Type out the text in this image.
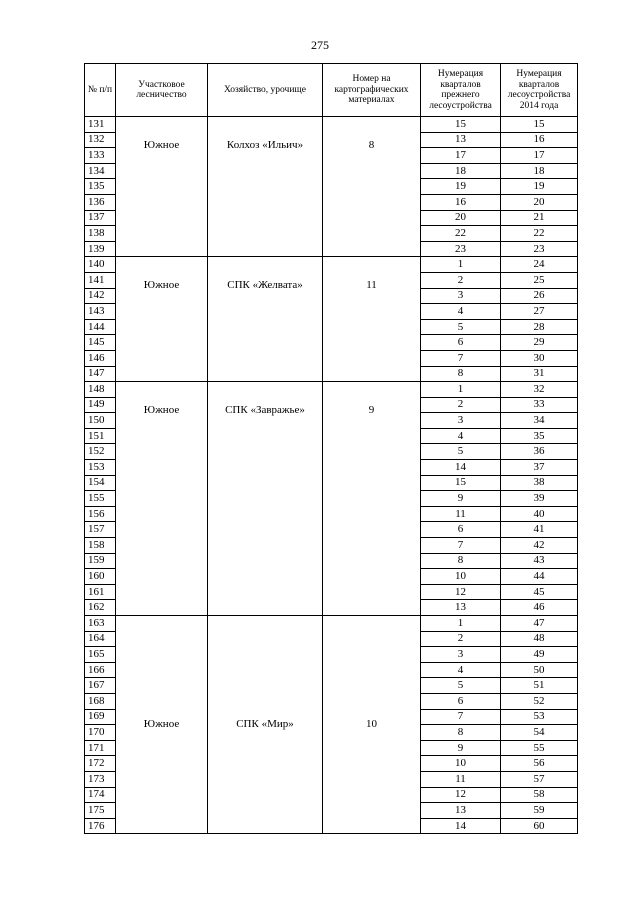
275
№ п/п	Участковое лесничество	Хозяйство, урочище	Номер на картографических материалах	Нумерация кварталов прежнего лесоустройства	Нумерация кварталов лесоустройства 2014 года
131	Южное	Колхоз «Ильич»	8	15	15
132				13	16
133				17	17
134				18	18
135				19	19
136				16	20
137				20	21
138				22	22
139				23	23
140	Южное	СПК «Желвата»	11	1	24
141				2	25
142				3	26
143				4	27
144				5	28
145				6	29
146				7	30
147				8	31
148	Южное	СПК «Завражье»	9	1	32
149				2	33
150				3	34
151				4	35
152				5	36
153				14	37
154				15	38
155				9	39
156				11	40
157				6	41
158				7	42
159				8	43
160				10	44
161				12	45
162				13	46
163	Южное	СПК «Мир»	10	1	47
164				2	48
165				3	49
166				4	50
167				5	51
168				6	52
169				7	53
170				8	54
171				9	55
172				10	56
173				11	57
174				12	58
175				13	59
176				14	60
